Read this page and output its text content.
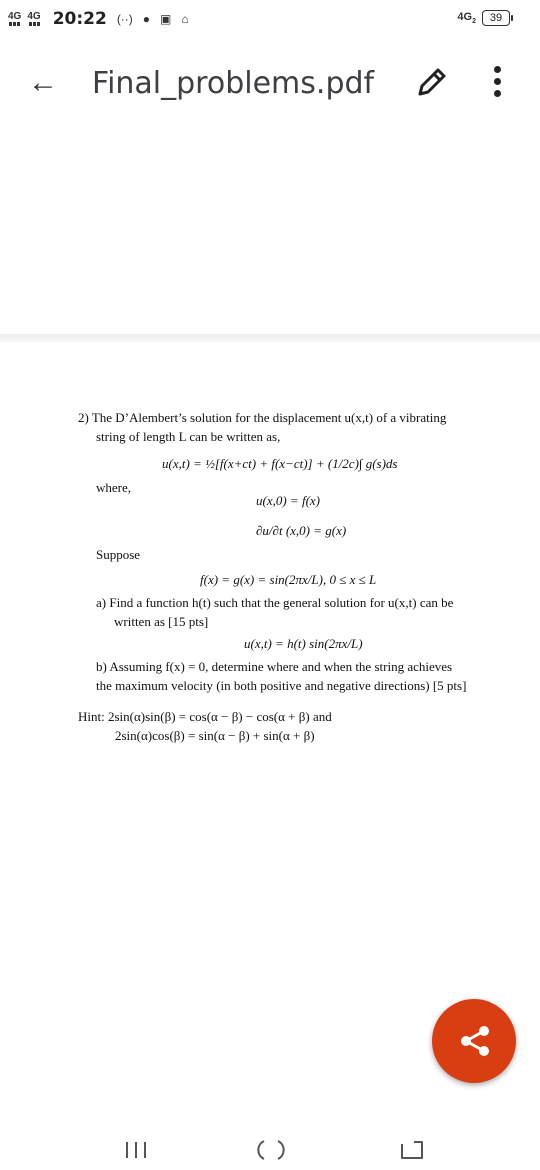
4G 4G 20:22 (··) ● ▣ ⌂	$4G_2$	39
← Final_problems.pdf
2) The D’Alembert’s solution for the displacement u(x,t) of a vibrating
string of length L can be written as,
u(x,t) = ½[f(x+ct) + f(x−ct)] + (1/2c)∫ g(s)ds
where,
u(x,0) = f(x)
∂u/∂t (x,0) = g(x)
Suppose
f(x) = g(x) = sin(2πx/L), 0 ≤ x ≤ L
a) Find a function h(t) such that the general solution for u(x,t) can be
written as [15 pts]
u(x,t) = h(t) sin(2πx/L)
b) Assuming f(x) = 0, determine where and when the string achieves
the maximum velocity (in both positive and negative directions) [5 pts]
Hint: 2sin(α)sin(β) = cos(α − β) − cos(α + β) and
2sin(α)cos(β) = sin(α − β) + sin(α + β)
